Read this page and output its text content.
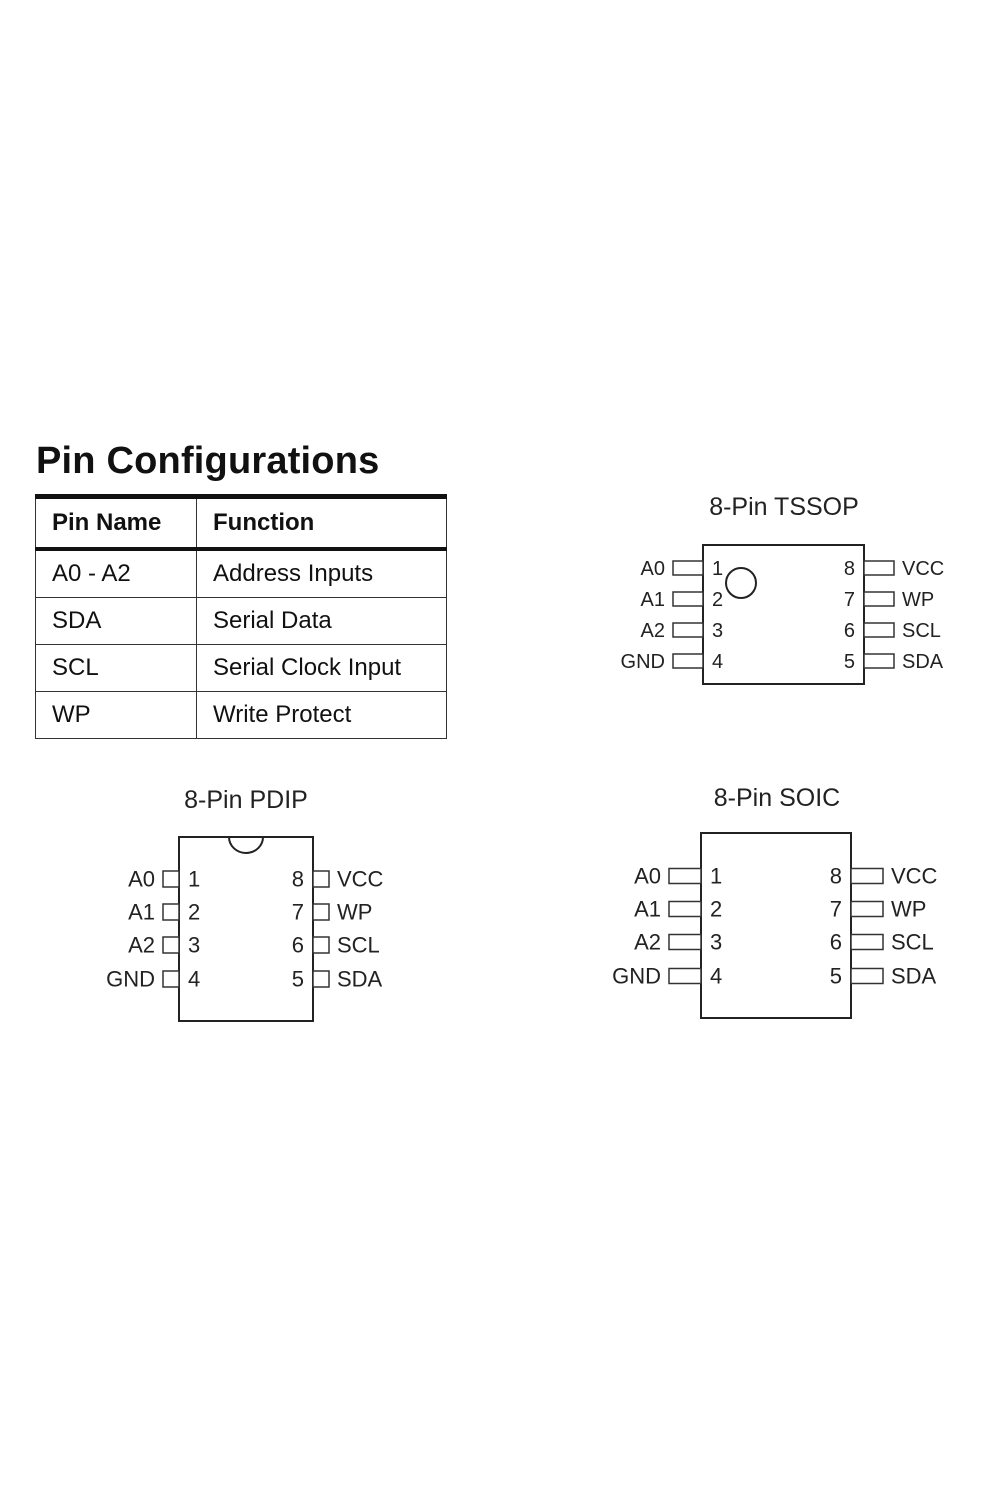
Pin Configurations
Pin Name	Function
A0 - A2	Address Inputs
SDA	Serial Data
SCL	Serial Clock Input
WP	Write Protect
8-Pin TSSOP
1
A0
2
A1
3
A2
4
GND
8 VCC
7 WP
6 SCL
5 SDA
8-Pin PDIP
1
A0
2
A1
3
A2
4
GND
8 VCC
7 WP
6 SCL
5 SDA
8-Pin SOIC
1
A0
2
A1
3
A2
4
GND
8 VCC
7 WP
6 SCL
5 SDA
